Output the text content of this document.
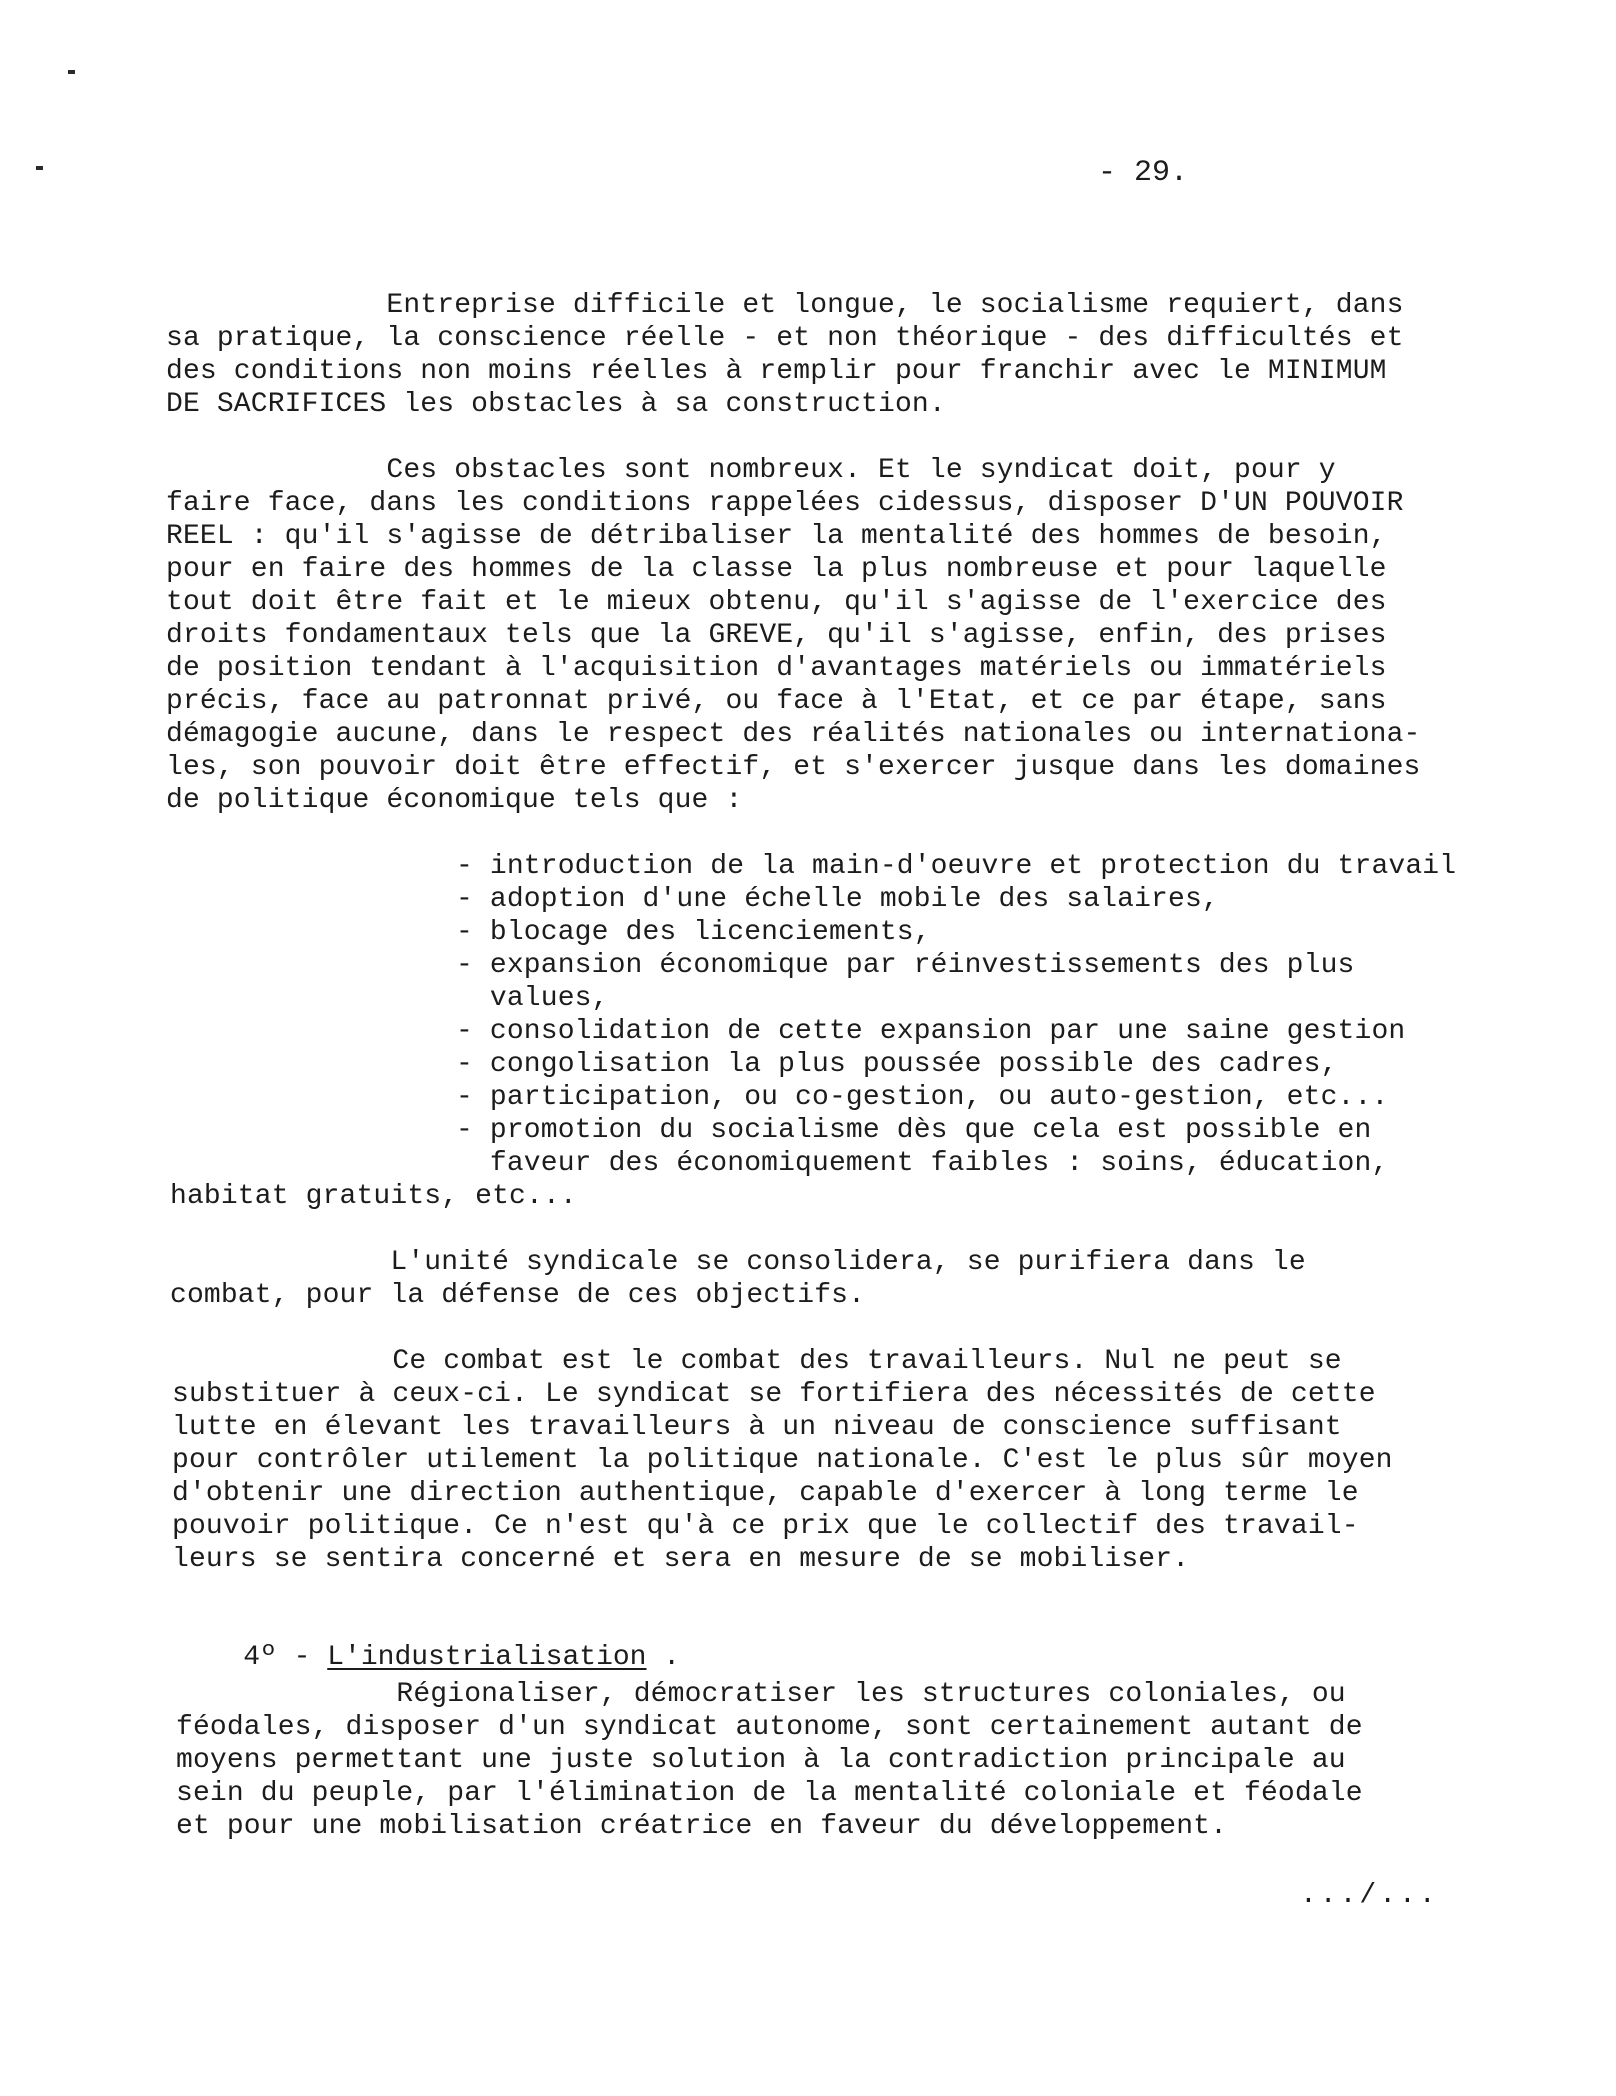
- 29.
Entreprise difficile et longue, le socialisme requiert, dans
sa pratique, la conscience réelle - et non théorique - des difficultés et
des conditions non moins réelles à remplir pour franchir avec le MINIMUM
DE SACRIFICES les obstacles à sa construction.
Ces obstacles sont nombreux. Et le syndicat doit, pour y
faire face, dans les conditions rappelées cidessus, disposer D'UN POUVOIR
REEL : qu'il s'agisse de détribaliser la mentalité des hommes de besoin,
pour en faire des hommes de la classe la plus nombreuse et pour laquelle
tout doit être fait et le mieux obtenu, qu'il s'agisse de l'exercice des
droits fondamentaux tels que la GREVE, qu'il s'agisse, enfin, des prises
de position tendant à l'acquisition d'avantages matériels ou immatériels
précis, face au patronnat privé, ou face à l'Etat, et ce par étape, sans
démagogie aucune, dans le respect des réalités nationales ou internationa-
les, son pouvoir doit être effectif, et s'exercer jusque dans les domaines
de politique économique tels que :
- introduction de la main-d'oeuvre et protection du travail
- adoption d'une échelle mobile des salaires,
- blocage des licenciements,
- expansion économique par réinvestissements des plus
values,
- consolidation de cette expansion par une saine gestion
- congolisation la plus poussée possible des cadres,
- participation, ou co-gestion, ou auto-gestion, etc...
- promotion du socialisme dès que cela est possible en
faveur des économiquement faibles : soins, éducation,
habitat gratuits, etc...
L'unité syndicale se consolidera, se purifiera dans le
combat, pour la défense de ces objectifs.
Ce combat est le combat des travailleurs. Nul ne peut se
substituer à ceux-ci. Le syndicat se fortifiera des nécessités de cette
lutte en élevant les travailleurs à un niveau de conscience suffisant
pour contrôler utilement la politique nationale. C'est le plus sûr moyen
d'obtenir une direction authentique, capable d'exercer à long terme le
pouvoir politique. Ce n'est qu'à ce prix que le collectif des travail-
leurs se sentira concerné et sera en mesure de se mobiliser.

4º - L'industrialisation .

Régionaliser, démocratiser les structures coloniales, ou
féodales, disposer d'un syndicat autonome, sont certainement autant de
moyens permettant une juste solution à la contradiction principale au
sein du peuple, par l'élimination de la mentalité coloniale et féodale
et pour une mobilisation créatrice en faveur du développement.
.../...
